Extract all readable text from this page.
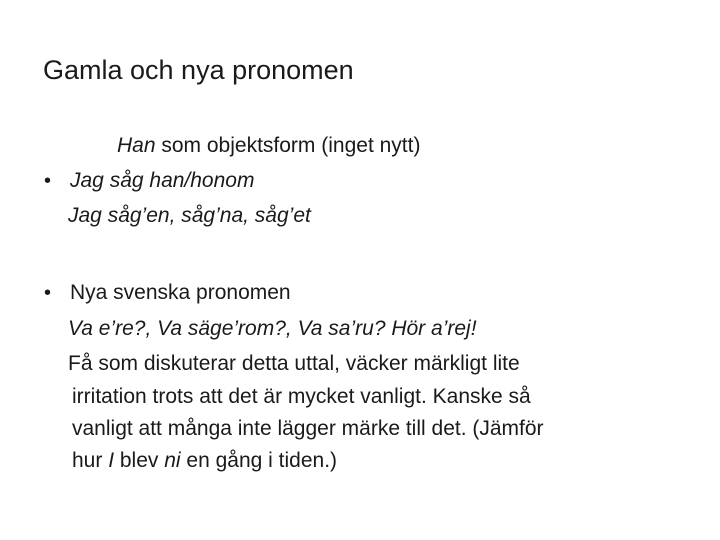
Gamla och nya pronomen
Han som objektsform (inget nytt)
• Jag såg han/honom
Jag såg’en, såg’na, såg’et
• Nya svenska pronomen
Va e’re?, Va säge’rom?, Va sa’ru? Hör a’rej!
Få som diskuterar detta uttal, väcker märkligt lite
irritation trots att det är mycket vanligt. Kanske så
vanligt att många inte lägger märke till det. (Jämför
hur I blev ni en gång i tiden.)
